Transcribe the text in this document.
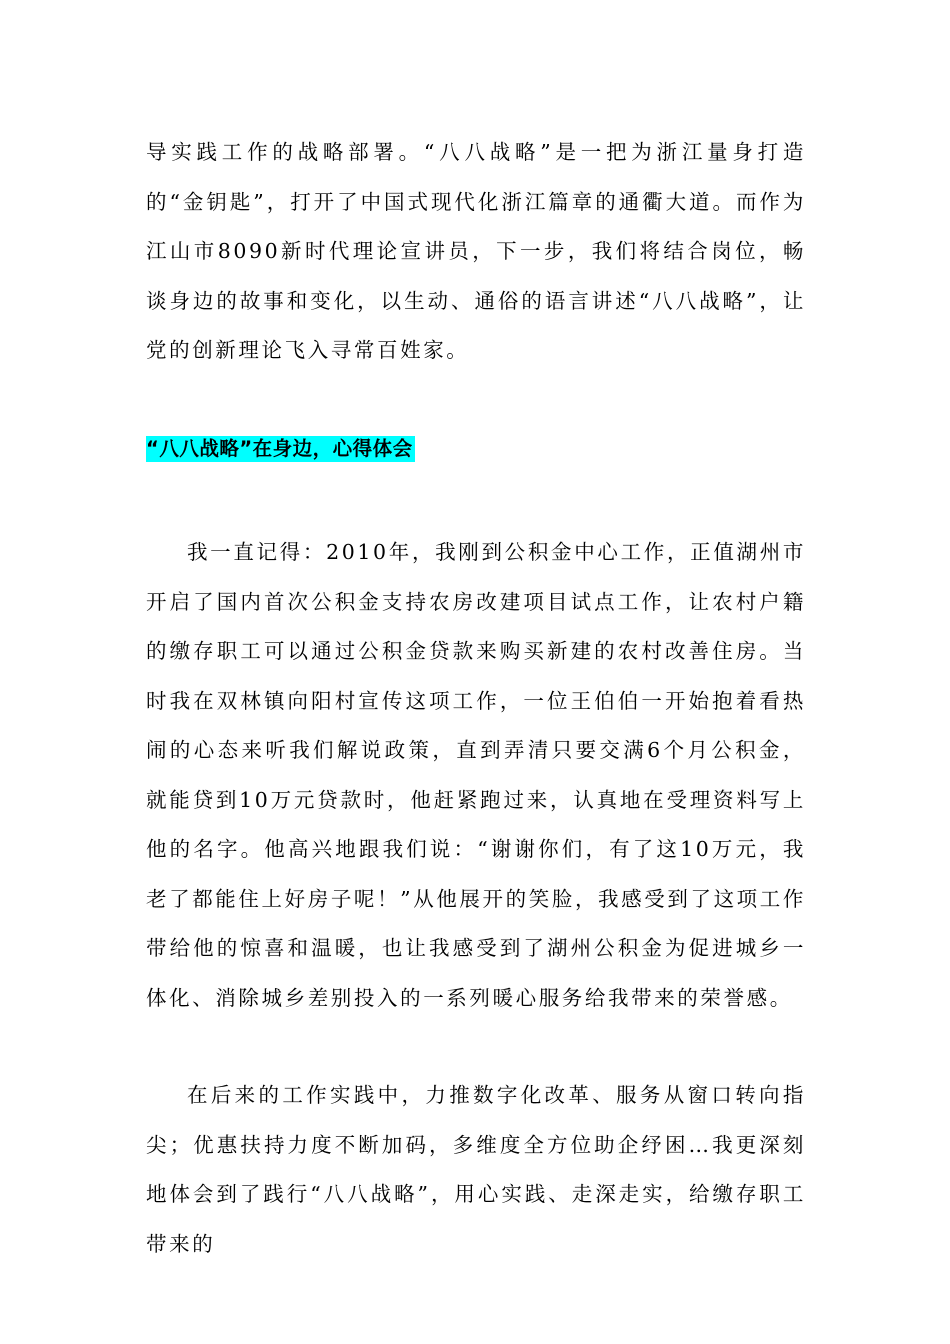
导实践工作的战略部署。“八八战略”是一把为浙江量身打造的“金钥匙”，打开了中国式现代化浙江篇章的通衢大道。而作为江山市8090新时代理论宣讲员，下一步，我们将结合岗位，畅谈身边的故事和变化，以生动、通俗的语言讲述“八八战略”，让党的创新理论飞入寻常百姓家。

“八八战略”在身边，心得体会

我一直记得：2010年，我刚到公积金中心工作，正值湖州市开启了国内首次公积金支持农房改建项目试点工作，让农村户籍的缴存职工可以通过公积金贷款来购买新建的农村改善住房。当时我在双林镇向阳村宣传这项工作，一位王伯伯一开始抱着看热闹的心态来听我们解说政策，直到弄清只要交满6个月公积金，就能贷到10万元贷款时，他赶紧跑过来，认真地在受理资料写上他的名字。他高兴地跟我们说：“谢谢你们，有了这10万元，我老了都能住上好房子呢！”从他展开的笑脸，我感受到了这项工作带给他的惊喜和温暖，也让我感受到了湖州公积金为促进城乡一体化、消除城乡差别投入的一系列暖心服务给我带来的荣誉感。

在后来的工作实践中，力推数字化改革、服务从窗口转向指尖；优惠扶持力度不断加码，多维度全方位助企纾困…我更深刻地体会到了践行“八八战略”，用心实践、走深走实，给缴存职工带来的
